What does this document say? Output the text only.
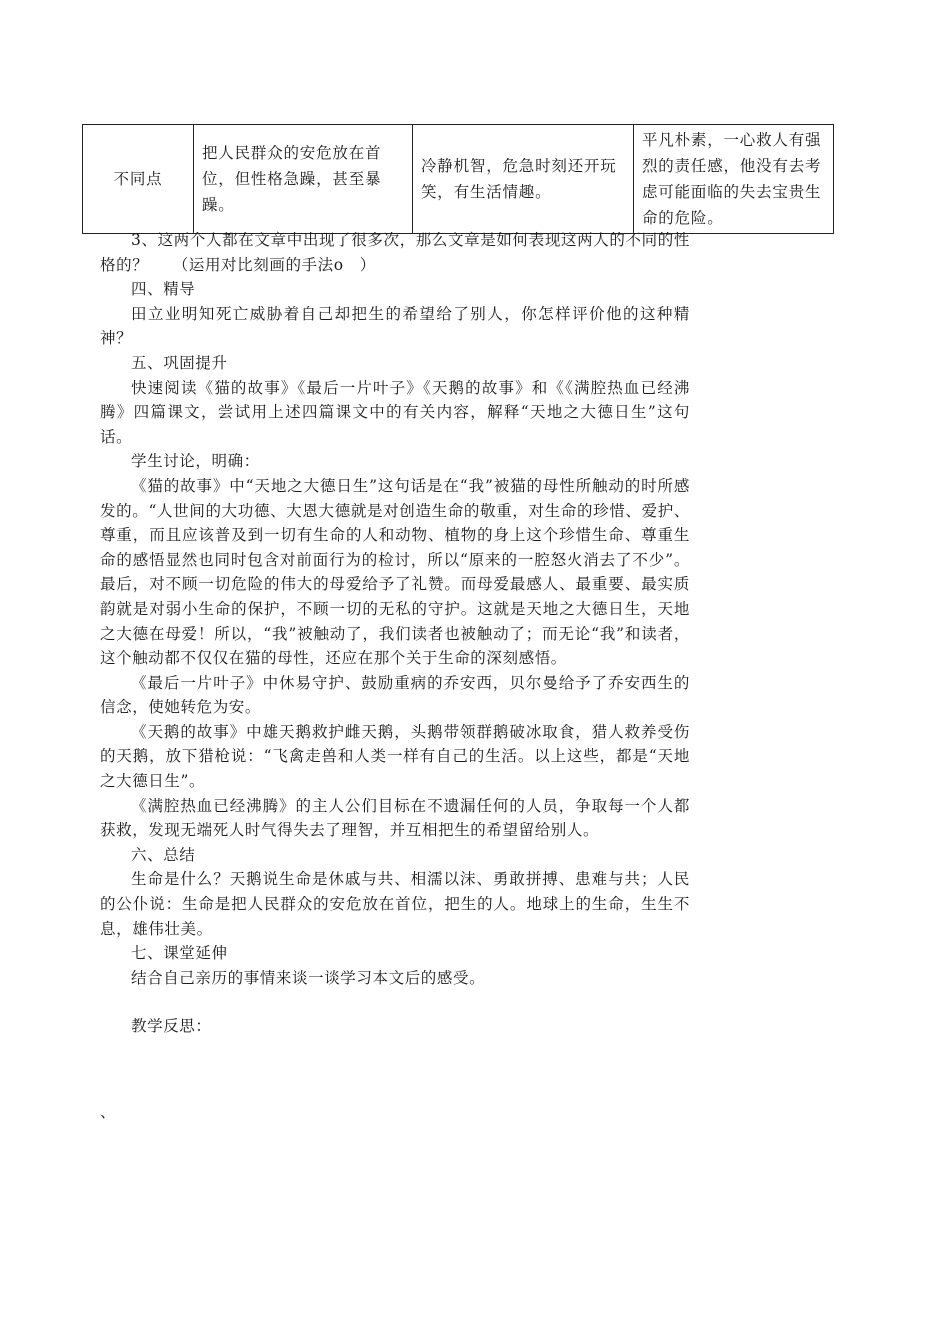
不同点	把人民群众的安危放在首位，但性格急躁，甚至暴躁。	冷静机智，危急时刻还开玩笑，有生活情趣。	平凡朴素，一心救人有强烈的责任感，他没有去考虑可能面临的失去宝贵生命的危险。

3、这两个人都在文章中出现了很多次，那么文章是如何表现这两人的不同的性格的？　　（运用对比刻画的手法o　）

四、精导

田立业明知死亡威胁着自己却把生的希望给了别人，你怎样评价他的这种精神？

五、巩固提升

快速阅读《猫的故事》《最后一片叶子》《天鹅的故事》和《《满腔热血已经沸腾》四篇课文，尝试用上述四篇课文中的有关内容，解释“天地之大德日生”这句话。

学生讨论，明确：

《猫的故事》中“天地之大德日生”这句话是在“我”被猫的母性所触动的时所感发的。“人世间的大功德、大恩大德就是对创造生命的敬重，对生命的珍惜、爱护、尊重，而且应该普及到一切有生命的人和动物、植物的身上这个珍惜生命、尊重生命的感悟显然也同时包含对前面行为的检讨，所以“原来的一腔怒火消去了不少”。最后，对不顾一切危险的伟大的母爱给予了礼赞。而母爱最感人、最重要、最实质韵就是对弱小生命的保护，不顾一切的无私的守护。这就是天地之大德日生，天地之大德在母爱！所以，“我”被触动了，我们读者也被触动了；而无论“我”和读者，这个触动都不仅仅在猫的母性，还应在那个关于生命的深刻感悟。

《最后一片叶子》中休易守护、鼓励重病的乔安西，贝尔曼给予了乔安西生的信念，使她转危为安。

《天鹅的故事》中雄天鹅救护雌天鹅，头鹅带领群鹅破冰取食，猎人救养受伤的天鹅，放下猎枪说：“飞禽走兽和人类一样有自己的生活。以上这些，都是“天地之大德日生”。

《满腔热血已经沸腾》的主人公们目标在不遗漏任何的人员，争取每一个人都获救，发现无端死人时气得失去了理智，并互相把生的希望留给别人。

六、总结

生命是什么？天鹅说生命是休戚与共、相濡以沫、勇敢拼搏、患难与共；人民的公仆说：生命是把人民群众的安危放在首位，把生的人。地球上的生命，生生不息，雄伟壮美。

七、课堂延伸

结合自己亲历的事情来谈一谈学习本文后的感受。

教学反思：

、
